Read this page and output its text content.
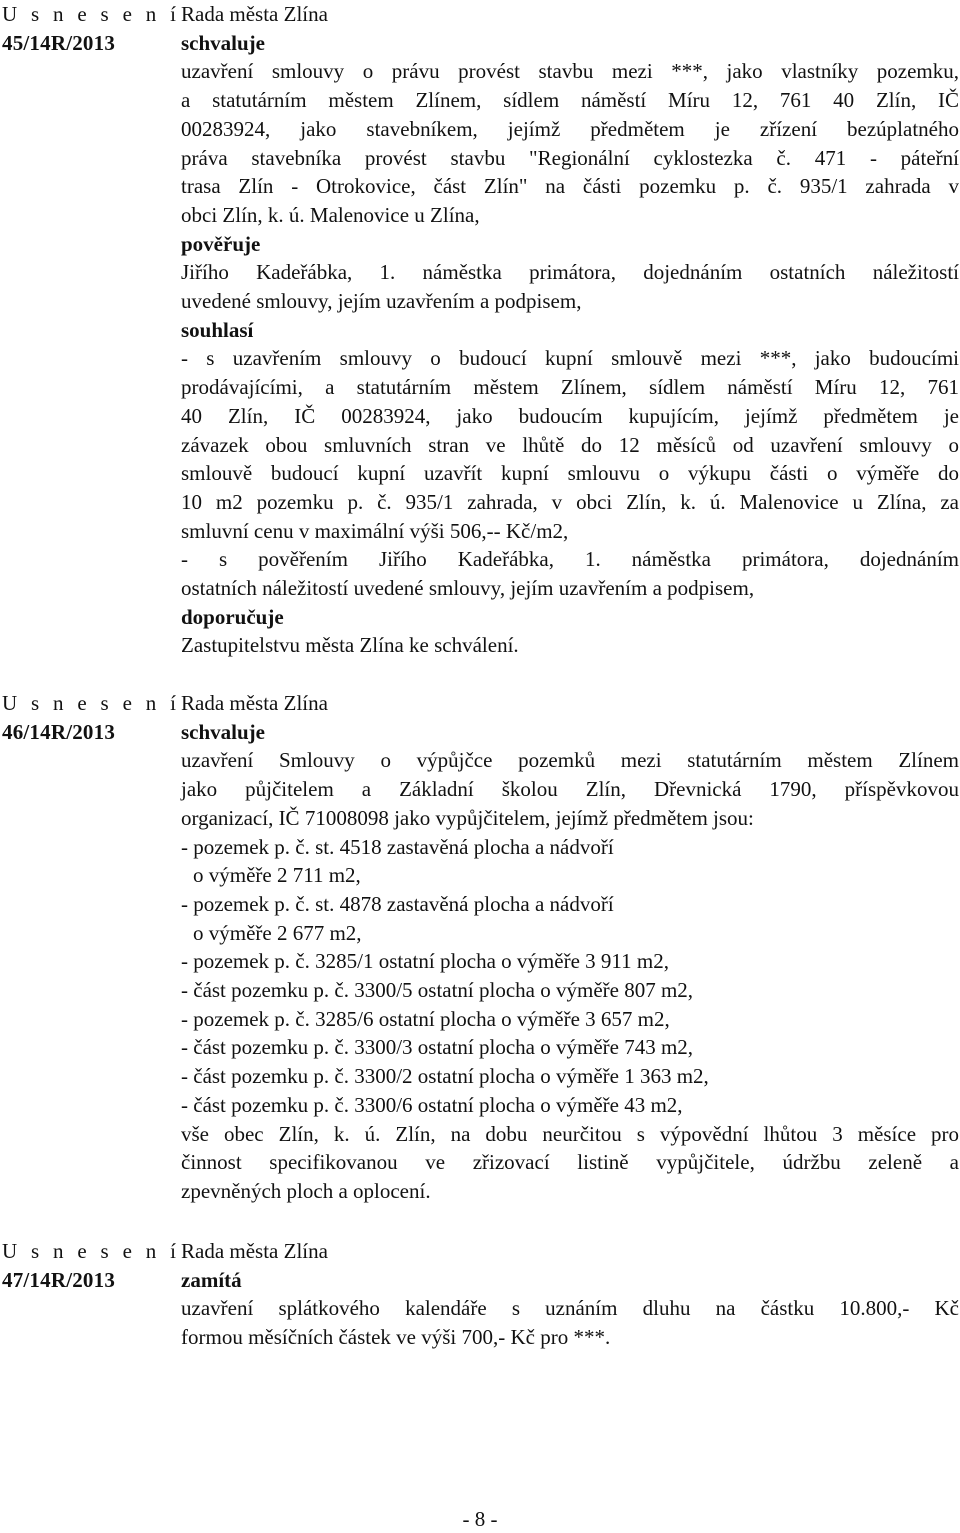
U s n e s e n í
45/14R/2013
Rada města Zlína
schvaluje
uzavření smlouvy o právu provést stavbu mezi ***, jako vlastníky pozemku,
a statutárním městem Zlínem, sídlem náměstí Míru 12, 761 40 Zlín, IČ
00283924, jako stavebníkem, jejímž předmětem je zřízení bezúplatného
práva stavebníka provést stavbu "Regionální cyklostezka č. 471 - páteřní
trasa Zlín - Otrokovice, část Zlín" na části pozemku p. č. 935/1 zahrada v
obci Zlín, k. ú. Malenovice u Zlína,
pověřuje
Jiřího Kadeřábka, 1. náměstka primátora, dojednáním ostatních náležitostí
uvedené smlouvy, jejím uzavřením a podpisem,
souhlasí
- s uzavřením smlouvy o budoucí kupní smlouvě mezi ***, jako budoucími
prodávajícími, a statutárním městem Zlínem, sídlem náměstí Míru 12, 761
40 Zlín, IČ 00283924, jako budoucím kupujícím, jejímž předmětem je
závazek obou smluvních stran ve lhůtě do 12 měsíců od uzavření smlouvy o
smlouvě budoucí kupní uzavřít kupní smlouvu o výkupu části o výměře do
10 m2 pozemku p. č. 935/1 zahrada, v obci Zlín, k. ú. Malenovice u Zlína, za
smluvní cenu v maximální výši 506,-- Kč/m2,
- s pověřením Jiřího Kadeřábka, 1. náměstka primátora, dojednáním
ostatních náležitostí uvedené smlouvy, jejím uzavřením a podpisem,
doporučuje
Zastupitelstvu města Zlína ke schválení.
U s n e s e n í
46/14R/2013
Rada města Zlína
schvaluje
uzavření Smlouvy o výpůjčce pozemků mezi statutárním městem Zlínem
jako půjčitelem a Základní školou Zlín, Dřevnická 1790, příspěvkovou
organizací, IČ 71008098 jako vypůjčitelem, jejímž předmětem jsou:
- pozemek p. č. st. 4518 zastavěná plocha a nádvoří
o výměře 2 711 m2,
- pozemek p. č. st. 4878 zastavěná plocha a nádvoří
o výměře 2 677 m2,
- pozemek p. č. 3285/1 ostatní plocha o výměře 3 911 m2,
- část pozemku p. č. 3300/5 ostatní plocha o výměře 807 m2,
- pozemek p. č. 3285/6 ostatní plocha o výměře 3 657 m2,
- část pozemku p. č. 3300/3 ostatní plocha o výměře 743 m2,
- část pozemku p. č. 3300/2 ostatní plocha o výměře 1 363 m2,
- část pozemku p. č. 3300/6 ostatní plocha o výměře 43 m2,
vše obec Zlín, k. ú. Zlín, na dobu neurčitou s výpovědní lhůtou 3 měsíce pro
činnost specifikovanou ve zřizovací listině vypůjčitele, údržbu zeleně a
zpevněných ploch a oplocení.
U s n e s e n í
47/14R/2013
Rada města Zlína
zamítá
uzavření splátkového kalendáře s uznáním dluhu na částku 10.800,- Kč
formou měsíčních částek ve výši 700,- Kč pro ***.
- 8 -
